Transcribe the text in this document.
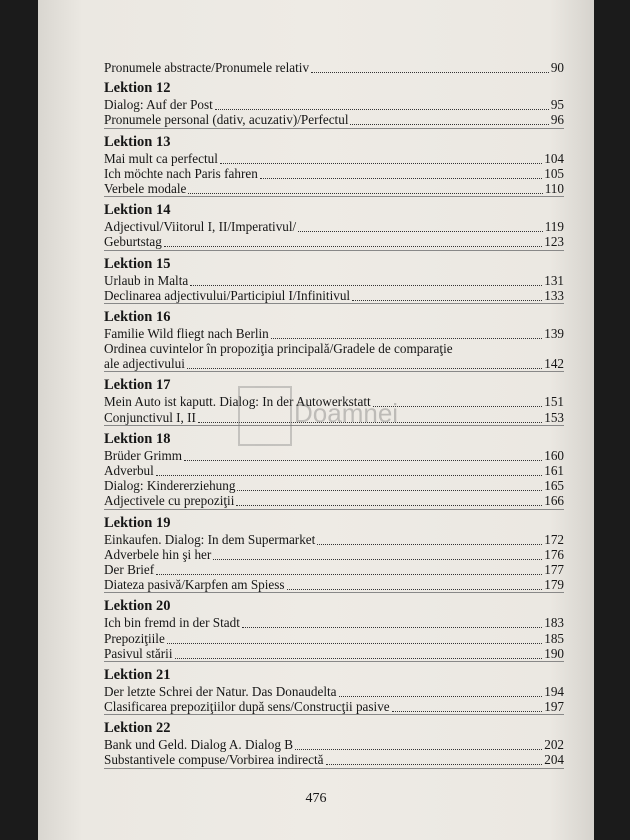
Pronumele abstracte/Pronumele relativ	90
Lektion 12
Dialog: Auf der Post	95
Pronumele personal (dativ, acuzativ)/Perfectul	96
Lektion 13
Mai mult ca perfectul	104
Ich möchte nach Paris fahren	105
Verbele modale	110
Lektion 14
Adjectivul/Viitorul I, II/Imperativul/	119
Geburtstag	123
Lektion 15
Urlaub in Malta	131
Declinarea adjectivului/Participiul I/Infinitivul	133
Lektion 16
Familie Wild fliegt nach Berlin	139
Ordinea cuvintelor în propoziţia principală/Gradele de comparaţie
ale adjectivului	142
Lektion 17
Mein Auto ist kaputt. Dialog: In der Autowerkstatt	151
Conjunctivul I, II	153
Lektion 18
Brüder Grimm	160
Adverbul	161
Dialog: Kindererziehung	165
Adjectivele cu prepoziţii	166
Lektion 19
Einkaufen. Dialog: In dem Supermarket	172
Adverbele hin şi her	176
Der Brief	177
Diateza pasivă/Karpfen am Spiess	179
Lektion 20
Ich bin fremd in der Stadt	183
Prepoziţiile	185
Pasivul stării	190
Lektion 21
Der letzte Schrei der Natur. Das Donaudelta	194
Clasificarea prepoziţiilor după sens/Construcţii pasive	197
Lektion 22
Bank und Geld. Dialog A. Dialog B	202
Substantivele compuse/Vorbirea indirectă	204
Doamnei
476
